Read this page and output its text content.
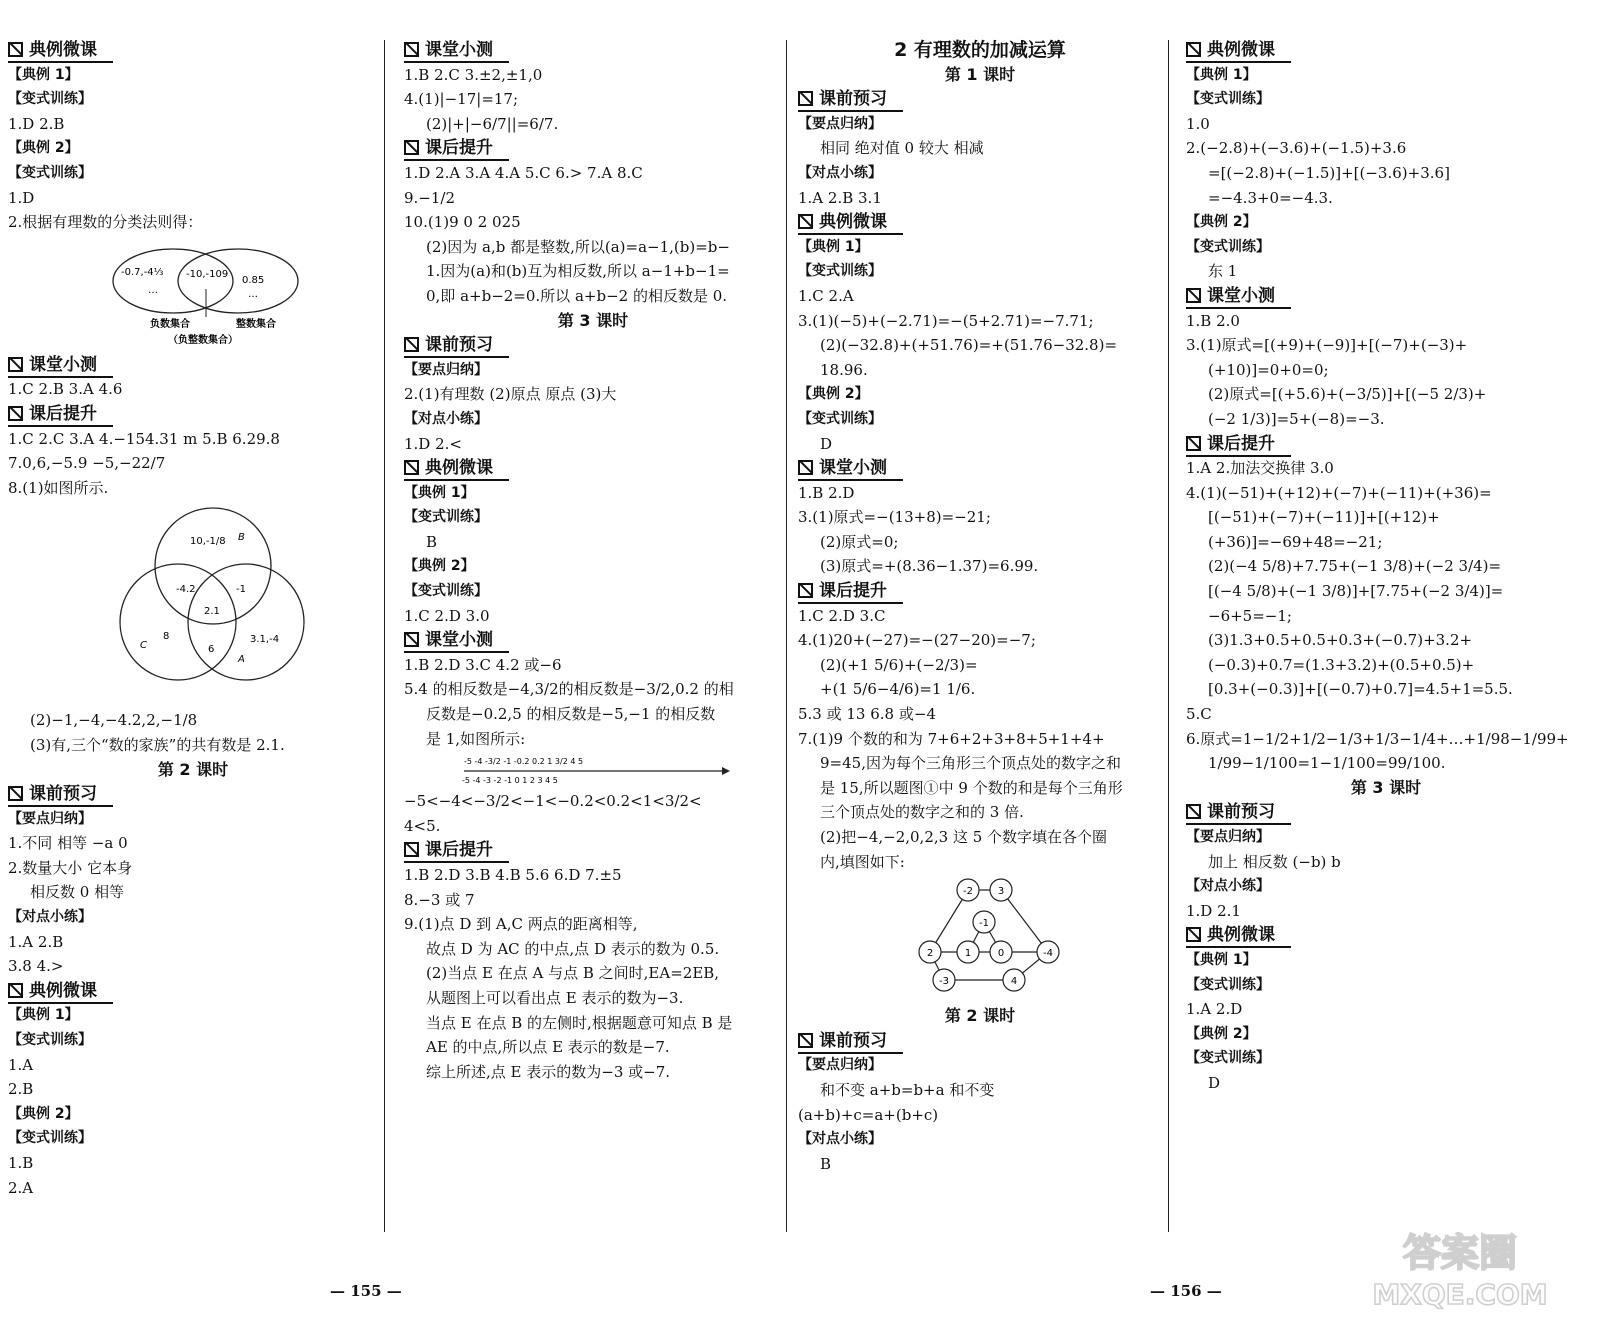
典例微课
【典例 1】
【变式训练】
1.D 2.B
【典例 2】
【变式训练】
1.D
2.根据有理数的分类法则得：
-0.7,-4⅓
…
-10,-109
0.85
…
负数集合	整数集合
（负整数集合）
课堂小测
1.C 2.B 3.A 4.6
课后提升
1.C 2.C 3.A 4.−154.31 m 5.B 6.29.8
7.0,6,−5.9 −5,−22/7
8.(1)如图所示.
10,-1/8 B
-4.2	-1
2.1
8
6
3.1,-4
C
A
(2)−1,−4,−4.2,2,−1/8
(3)有,三个“数的家族”的共有数是 2.1.
第 2 课时
课前预习
【要点归纳】
1.不同 相等 −a 0
2.数量大小 它本身
相反数 0 相等
【对点小练】
1.A 2.B
3.8 4.>
典例微课
【典例 1】
【变式训练】
1.A
2.B
【典例 2】
【变式训练】
1.B
2.A
课堂小测
1.B 2.C 3.±2,±1,0
4.(1)|−17|=17;
(2)|+|−6/7||=6/7.
课后提升
1.D 2.A 3.A 4.A 5.C 6.> 7.A 8.C
9.−1/2
10.(1)9 0 2 025
(2)因为 a,b 都是整数,所以(a)=a−1,(b)=b−
1.因为(a)和(b)互为相反数,所以 a−1+b−1=
0,即 a+b−2=0.所以 a+b−2 的相反数是 0.
第 3 课时
课前预习
【要点归纳】
2.(1)有理数 (2)原点 原点 (3)大
【对点小练】
1.D 2.<
典例微课
【典例 1】
【变式训练】
B
【典例 2】
【变式训练】
1.C 2.D 3.0
课堂小测
1.B 2.D 3.C 4.2 或−6
5.4 的相反数是−4,3/2的相反数是−3/2,0.2 的相
反数是−0.2,5 的相反数是−5,−1 的相反数
是 1,如图所示:
-5 -4 -3/2 -1 -0.2 0.2 1 3/2 4 5
-5 -4 -3 -2 -1 0 1 2 3 4 5
−5<−4<−3/2<−1<−0.2<0.2<1<3/2<
4<5.
课后提升
1.B 2.D 3.B 4.B 5.6 6.D 7.±5
8.−3 或 7
9.(1)点 D 到 A,C 两点的距离相等,
故点 D 为 AC 的中点,点 D 表示的数为 0.5.
(2)当点 E 在点 A 与点 B 之间时,EA=2EB,
从题图上可以看出点 E 表示的数为−3.
当点 E 在点 B 的左侧时,根据题意可知点 B 是
AE 的中点,所以点 E 表示的数是−7.
综上所述,点 E 表示的数为−3 或−7.
2 有理数的加减运算
第 1 课时
课前预习
【要点归纳】
相同 绝对值 0 较大 相减
【对点小练】
1.A 2.B 3.1
典例微课
【典例 1】
【变式训练】
1.C 2.A
3.(1)(−5)+(−2.71)=−(5+2.71)=−7.71;
(2)(−32.8)+(+51.76)=+(51.76−32.8)=
18.96.
【典例 2】
【变式训练】
D
课堂小测
1.B 2.D
3.(1)原式=−(13+8)=−21;
(2)原式=0;
(3)原式=+(8.36−1.37)=6.99.
课后提升
1.C 2.D 3.C
4.(1)20+(−27)=−(27−20)=−7;
(2)(+1 5/6)+(−2/3)=
+(1 5/6−4/6)=1 1/6.
5.3 或 13 6.8 或−4
7.(1)9 个数的和为 7+6+2+3+8+5+1+4+
9=45,因为每个三角形三个顶点处的数字之和
是 15,所以题图①中 9 个数的和是每个三角形
三个顶点处的数字之和的 3 倍.
(2)把−4,−2,0,2,3 这 5 个数字填在各个圈
内,填图如下:
-2 3
-1
2	1	0	-4
-3	4
第 2 课时
课前预习
【要点归纳】
和不变 a+b=b+a 和不变
(a+b)+c=a+(b+c)
【对点小练】
B
典例微课
【典例 1】
【变式训练】
1.0
2.(−2.8)+(−3.6)+(−1.5)+3.6
=[(−2.8)+(−1.5)]+[(−3.6)+3.6]
=−4.3+0=−4.3.
【典例 2】
【变式训练】
东 1
课堂小测
1.B 2.0
3.(1)原式=[(+9)+(−9)]+[(−7)+(−3)+
(+10)]=0+0=0;
(2)原式=[(+5.6)+(−3/5)]+[(−5 2/3)+
(−2 1/3)]=5+(−8)=−3.
课后提升
1.A 2.加法交换律 3.0
4.(1)(−51)+(+12)+(−7)+(−11)+(+36)=
[(−51)+(−7)+(−11)]+[(+12)+
(+36)]=−69+48=−21;
(2)(−4 5/8)+7.75+(−1 3/8)+(−2 3/4)=
[(−4 5/8)+(−1 3/8)]+[7.75+(−2 3/4)]=
−6+5=−1;
(3)1.3+0.5+0.5+0.3+(−0.7)+3.2+
(−0.3)+0.7=(1.3+3.2)+(0.5+0.5)+
[0.3+(−0.3)]+[(−0.7)+0.7]=4.5+1=5.5.
5.C
6.原式=1−1/2+1/2−1/3+1/3−1/4+…+1/98−1/99+
1/99−1/100=1−1/100=99/100.
第 3 课时
课前预习
【要点归纳】
加上 相反数 (−b) b
【对点小练】
1.D 2.1
典例微课
【典例 1】
【变式训练】
1.A 2.D
【典例 2】
【变式训练】
D
— 155 —	— 156 —
答案圈
MXQE.COM
